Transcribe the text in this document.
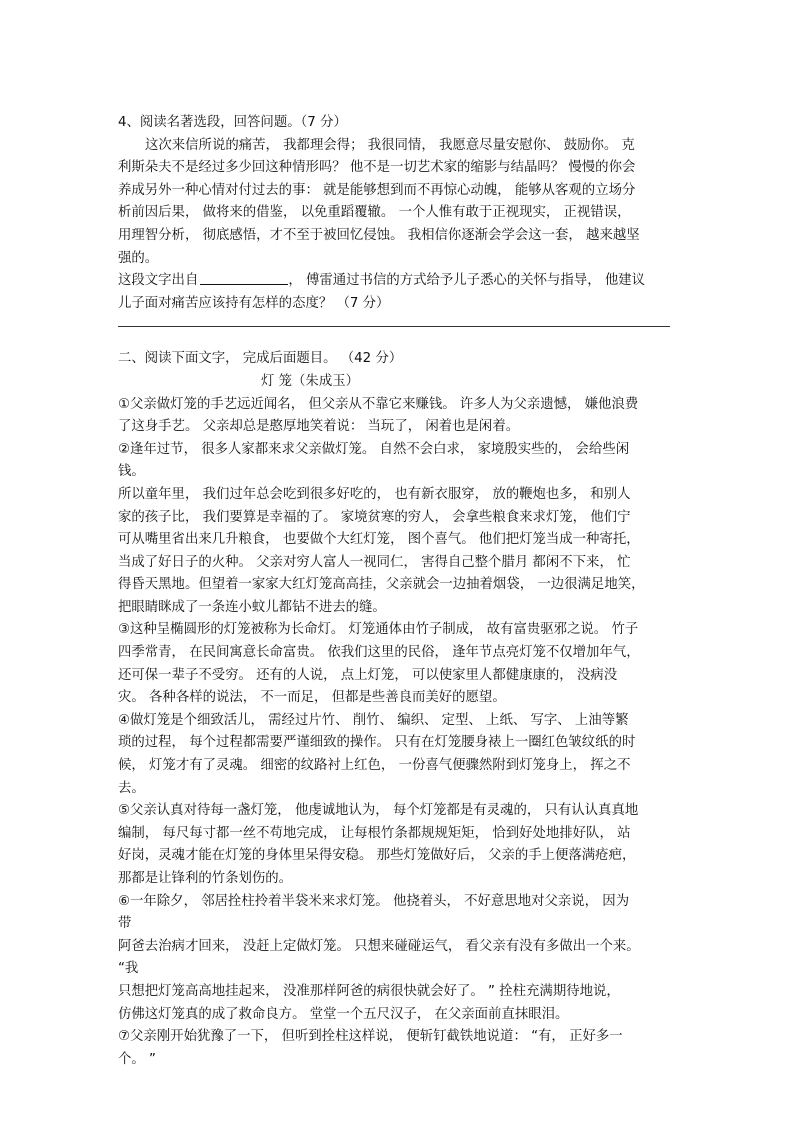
4、阅读名著选段，回答问题。（7 分）
这次来信所说的痛苦， 我都理会得； 我很同情， 我愿意尽量安慰你、 鼓励你。 克
利斯朵夫不是经过多少回这种情形吗？ 他不是一切艺术家的缩影与结晶吗？ 慢慢的你会
养成另外一种心情对付过去的事： 就是能够想到而不再惊心动魄， 能够从客观的立场分
析前因后果， 做将来的借鉴， 以免重蹈覆辙。 一个人惟有敢于正视现实， 正视错误，
用理智分析， 彻底感悟，才不至于被回忆侵蚀。 我相信你逐渐会学会这一套， 越来越坚
强的。
这段文字出自	， 傅雷通过书信的方式给予儿子悉心的关怀与指导， 他建议
儿子面对痛苦应该持有怎样的态度？ （7 分）
二、阅读下面文字， 完成后面题目。 （42 分）
灯 笼（朱成玉）
①父亲做灯笼的手艺远近闻名， 但父亲从不靠它来赚钱。 许多人为父亲遗憾， 嫌他浪费
了这身手艺。 父亲却总是憨厚地笑着说： 当玩了， 闲着也是闲着。
②逢年过节， 很多人家都来求父亲做灯笼。 自然不会白求， 家境殷实些的， 会给些闲
钱。
所以童年里， 我们过年总会吃到很多好吃的， 也有新衣服穿， 放的鞭炮也多， 和别人
家的孩子比， 我们要算是幸福的了。 家境贫寒的穷人， 会拿些粮食来求灯笼， 他们宁
可从嘴里省出来几升粮食， 也要做个大红灯笼， 图个喜气。 他们把灯笼当成一种寄托，
当成了好日子的火种。 父亲对穷人富人一视同仁， 害得自己整个腊月 都闲不下来， 忙
得昏天黑地。但望着一家家大红灯笼高高挂，父亲就会一边抽着烟袋， 一边很满足地笑，
把眼睛眯成了一条连小蚊儿都钻不进去的缝。
③这种呈椭圆形的灯笼被称为长命灯。 灯笼通体由竹子制成， 故有富贵驱邪之说。 竹子
四季常青， 在民间寓意长命富贵。 依我们这里的民俗， 逢年节点亮灯笼不仅增加年气，
还可保一辈子不受穷。 还有的人说， 点上灯笼， 可以使家里人都健康康的， 没病没
灾。 各种各样的说法， 不一而足， 但都是些善良而美好的愿望。
④做灯笼是个细致活儿， 需经过片竹、 削竹、 编织、 定型、 上纸、 写字、 上油等繁
琐的过程， 每个过程都需要严谨细致的操作。 只有在灯笼腰身裱上一圈红色皱纹纸的时
候， 灯笼才有了灵魂。 细密的纹路衬上红色， 一份喜气便骤然附到灯笼身上， 挥之不
去。
⑤父亲认真对待每一盏灯笼， 他虔诚地认为， 每个灯笼都是有灵魂的， 只有认认真真地
编制， 每尺每寸都一丝不苟地完成， 让每根竹条都规规矩矩， 恰到好处地排好队， 站
好岗，灵魂才能在灯笼的身体里呆得安稳。 那些灯笼做好后， 父亲的手上便落满疮疤，
那都是让锋利的竹条划伤的。
⑥一年除夕， 邻居拴柱拎着半袋米来求灯笼。 他挠着头， 不好意思地对父亲说， 因为
带
阿爸去治病才回来， 没赶上定做灯笼。 只想来碰碰运气， 看父亲有没有多做出一个来。
“我
只想把灯笼高高地挂起来， 没准那样阿爸的病很快就会好了。 ” 拴柱充满期待地说，
仿佛这灯笼真的成了救命良方。 堂堂一个五尺汉子， 在父亲面前直抹眼泪。
⑦父亲刚开始犹豫了一下， 但听到拴柱这样说， 便斩钉截铁地说道： “有， 正好多一
个。 ”
